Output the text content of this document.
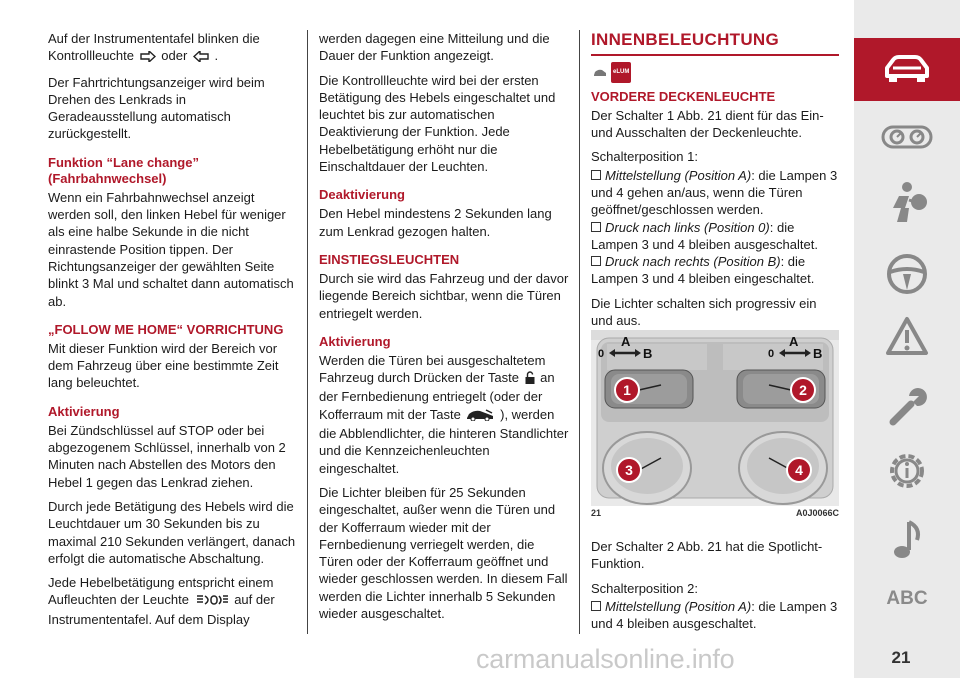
Auf der Instrumententafel blinken die Kontrollleuchte oder .

Der Fahrtrichtungsanzeiger wird beim Drehen des Lenkrads in Geradeausstellung automatisch zurückgestellt.

Funktion “Lane change” (Fahrbahnwechsel)

Wenn ein Fahrbahnwechsel anzeigt werden soll, den linken Hebel für weniger als eine halbe Sekunde in die nicht einrastende Position tippen. Der Richtungsanzeiger der gewählten Seite blinkt 3 Mal und schaltet dann automatisch ab.

„FOLLOW ME HOME“ VORRICHTUNG

Mit dieser Funktion wird der Bereich vor dem Fahrzeug über eine bestimmte Zeit lang beleuchtet.

Aktivierung

Bei Zündschlüssel auf STOP oder bei abgezogenem Schlüssel, innerhalb von 2 Minuten nach Abstellen des Motors den Hebel 1 gegen das Lenkrad ziehen.

Durch jede Betätigung des Hebels wird die Leuchtdauer um 30 Sekunden bis zu maximal 210 Sekunden verlängert, danach erfolgt die automatische Abschaltung.

Jede Hebelbetätigung entspricht einem Aufleuchten der Leuchte	auf der Instrumententafel. Auf dem Display

werden dagegen eine Mitteilung und die Dauer der Funktion angezeigt.

Die Kontrollleuchte wird bei der ersten Betätigung des Hebels eingeschaltet und leuchtet bis zur automatischen Deaktivierung der Funktion. Jede Hebelbetätigung erhöht nur die Einschaltdauer der Leuchten.

Deaktivierung

Den Hebel mindestens 2 Sekunden lang zum Lenkrad gezogen halten.

EINSTIEGSLEUCHTEN

Durch sie wird das Fahrzeug und der davor liegende Bereich sichtbar, wenn die Türen entriegelt werden.

Aktivierung

Werden die Türen bei ausgeschaltetem Fahrzeug durch Drücken der Taste an der Fernbedienung entriegelt (oder der Kofferraum mit der Taste	), werden die Abblendlichter, die hinteren Standlichter und die Kennzeichenleuchten eingeschaltet.

Die Lichter bleiben für 25 Sekunden eingeschaltet, außer wenn die Türen und der Kofferraum wieder mit der Fernbedienung verriegelt werden, die Türen oder der Kofferraum geöffnet und wieder geschlossen werden. In diesem Fall werden die Lichter innerhalb 5 Sekunden wieder ausgeschaltet.

INNENBELEUCHTUNG
eLUM
VORDERE DECKENLEUCHTE

Der Schalter 1 Abb. 21 dient für das Ein- und Ausschalten der Deckenleuchte.

Schalterposition 1:

Mittelstellung (Position A): die Lampen 3 und 4 gehen an/aus, wenn die Türen geöffnet/geschlossen werden.
Druck nach links (Position 0): die Lampen 3 und 4 bleiben ausgeschaltet.
Druck nach rechts (Position B): die Lampen 3 und 4 bleiben eingeschaltet.

Die Lichter schalten sich progressiv ein und aus.

A	A
0	B	0	B
1	2
3	4
21	A0J0066C

Der Schalter 2 Abb. 21 hat die Spotlicht-Funktion.

Schalterposition 2:

Mittelstellung (Position A): die Lampen 3 und 4 bleiben ausgeschaltet.
ABC
carmanualsonline.info	21
